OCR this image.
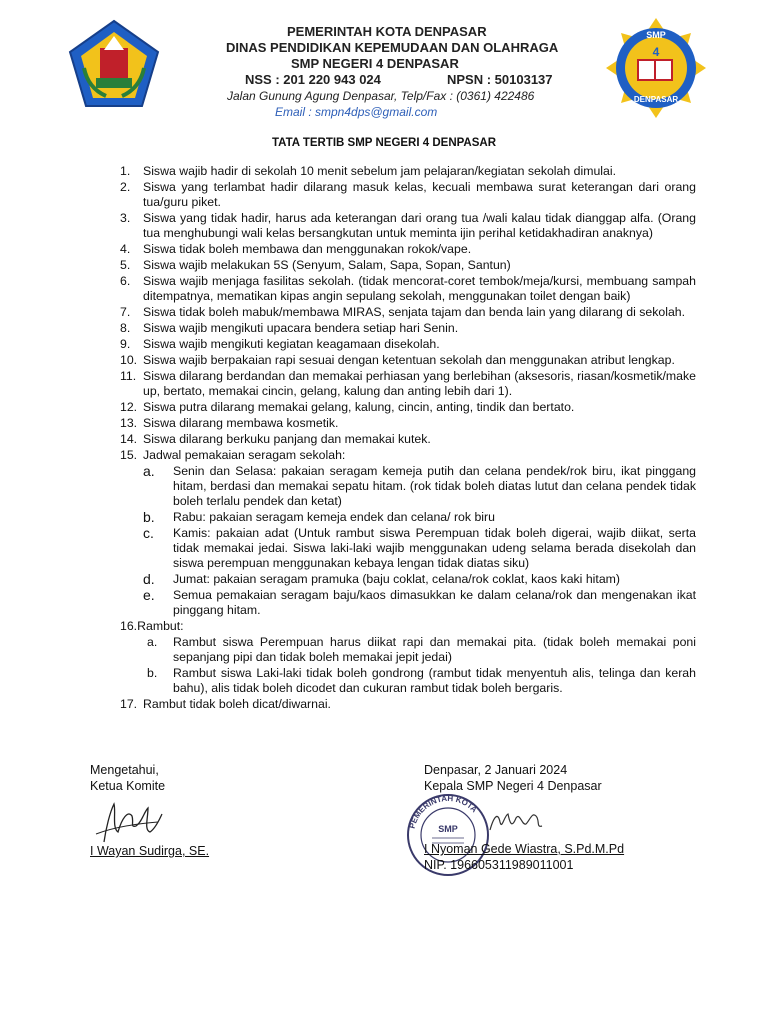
PEMERINTAH KOTA DENPASAR
DINAS PENDIDIKAN KEPEMUDAAN DAN OLAHRAGA
SMP NEGERI 4 DENPASAR
NSS : 201 220 943 024	NPSN : 50103137
Jalan Gunung Agung Denpasar, Telp/Fax : (0361) 422486
Email : smpn4dps@gmail.com
SMP
4
DENPASAR
TATA TERTIB SMP NEGERI 4 DENPASAR
1. Siswa wajib hadir di sekolah 10 menit sebelum jam pelajaran/kegiatan sekolah dimulai.
2. Siswa yang terlambat hadir dilarang masuk kelas, kecuali membawa surat keterangan dari orang tua/guru piket.
3. Siswa yang tidak hadir, harus ada keterangan dari orang tua /wali kalau tidak dianggap alfa. (Orang tua menghubungi wali kelas bersangkutan untuk meminta ijin perihal ketidakhadiran anaknya)
4. Siswa tidak boleh membawa dan menggunakan rokok/vape.
5. Siswa wajib melakukan 5S (Senyum, Salam, Sapa, Sopan, Santun)
6. Siswa wajib menjaga fasilitas sekolah. (tidak mencorat-coret tembok/meja/kursi, membuang sampah ditempatnya, mematikan kipas angin sepulang sekolah, menggunakan toilet dengan baik)
7. Siswa tidak boleh mabuk/membawa MIRAS, senjata tajam dan benda lain yang dilarang di sekolah.
8. Siswa wajib mengikuti upacara bendera setiap hari Senin.
9. Siswa wajib mengikuti kegiatan keagamaan disekolah.
10. Siswa wajib berpakaian rapi sesuai dengan ketentuan sekolah dan menggunakan atribut lengkap.
11. Siswa dilarang berdandan dan memakai perhiasan yang berlebihan (aksesoris, riasan/kosmetik/make up, bertato, memakai cincin, gelang, kalung dan anting lebih dari 1).
12. Siswa putra dilarang memakai gelang, kalung, cincin, anting, tindik dan bertato.
13. Siswa dilarang membawa kosmetik.
14. Siswa dilarang berkuku panjang dan memakai kutek.
15. Jadwal pemakaian seragam sekolah:
a. Senin dan Selasa: pakaian seragam kemeja putih dan celana pendek/rok biru, ikat pinggang hitam, berdasi dan memakai sepatu hitam. (rok tidak boleh diatas lutut dan celana pendek tidak boleh terlalu pendek dan ketat)
b. Rabu: pakaian seragam kemeja endek dan celana/ rok biru
c. Kamis: pakaian adat (Untuk rambut siswa Perempuan tidak boleh digerai, wajib diikat, serta tidak memakai jedai. Siswa laki-laki wajib menggunakan udeng selama berada disekolah dan siswa perempuan menggunakan kebaya lengan tidak diatas siku)
d. Jumat: pakaian seragam pramuka (baju coklat, celana/rok coklat, kaos kaki hitam)
e. Semua pemakaian seragam baju/kaos dimasukkan ke dalam celana/rok dan mengenakan ikat pinggang hitam.
16.Rambut:
a. Rambut siswa Perempuan harus diikat rapi dan memakai pita. (tidak boleh memakai poni sepanjang pipi dan tidak boleh memakai jepit jedai)
b. Rambut siswa Laki-laki tidak boleh gondrong (rambut tidak menyentuh alis, telinga dan kerah bahu), alis tidak boleh dicodet dan cukuran rambut tidak boleh bergaris.
17. Rambut tidak boleh dicat/diwarnai.
Mengetahui,
Ketua Komite
I Wayan Sudirga, SE.
Denpasar, 2 Januari 2024
Kepala SMP Negeri 4 Denpasar
PEMERINTAH KOTA
SMP
I Nyoman Gede Wiastra, S.Pd.M.Pd
NIP. 196605311989011001
